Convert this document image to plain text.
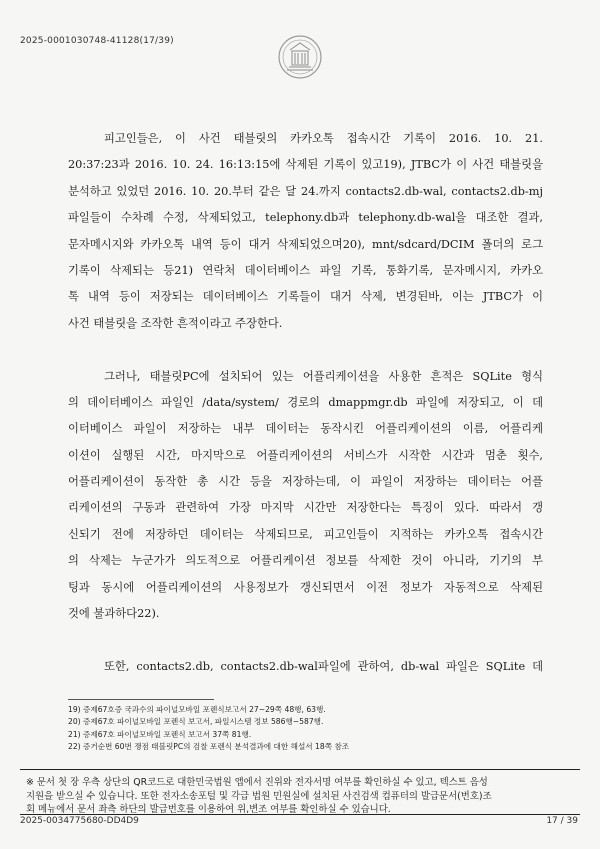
2025-0001030748-41128(17/39)
피고인들은, 이 사건 태블릿의 카카오톡 접속시간 기록이 2016. 10. 21.
20:37:23과 2016. 10. 24. 16:13:15에 삭제된 기록이 있고19), JTBC가 이 사건 태블릿을
분석하고 있었던 2016. 10. 20.부터 같은 달 24.까지 contacts2.db-wal, contacts2.db-mj
파일들이 수차례 수정, 삭제되었고, telephony.db과 telephony.db-wal을 대조한 결과,
문자메시지와 카카오톡 내역 등이 대거 삭제되었으며20), mnt/sdcard/DCIM 폴더의 로그
기록이 삭제되는 등21) 연락처 데이터베이스 파일 기록, 통화기록, 문자메시지, 카카오
톡 내역 등이 저장되는 데이터베이스 기록들이 대거 삭제, 변경된바, 이는 JTBC가 이
사건 태블릿을 조작한 흔적이라고 주장한다.
그러나, 태블릿PC에 설치되어 있는 어플리케이션을 사용한 흔적은 SQLite 형식
의 데이터베이스 파일인 /data/system/ 경로의 dmappmgr.db 파일에 저장되고, 이 데
이터베이스 파일이 저장하는 내부 데이터는 동작시킨 어플리케이션의 이름, 어플리케
이션이 실행된 시간, 마지막으로 어플리케이션의 서비스가 시작한 시간과 멈춘 횟수,
어플리케이션이 동작한 총 시간 등을 저장하는데, 이 파일이 저장하는 데이터는 어플
리케이션의 구동과 관련하여 가장 마지막 시간만 저장한다는 특징이 있다. 따라서 갱
신되기 전에 저장하던 데이터는 삭제되므로, 피고인들이 지적하는 카카오톡 접속시간
의 삭제는 누군가가 의도적으로 어플리케이션 정보를 삭제한 것이 아니라, 기기의 부
팅과 동시에 어플리케이션의 사용정보가 갱신되면서 이전 정보가 자동적으로 삭제된
것에 불과하다22).
또한, contacts2.db, contacts2.db-wal파일에 관하여, db-wal 파일은 SQLite 데
19) 증제67호증 국과수의 파이널모바일 포렌식보고서 27~29쪽 48행, 63행.
20) 증제67호 파이널모바일 포렌식 보고서, 파일시스템 정보 586행~587행.
21) 증제67호 파이널모바일 포렌식 보고서 37쪽 81행.
22) 증거순번 60번 쟁점 태블릿PC의 검찰 포렌식 분석결과에 대한 해설서 18쪽 참조
※ 문서 첫 장 우측 상단의 QR코드로 대한민국법원 앱에서 진위와 전자서명 여부를 확인하실 수 있고, 텍스트 음성
지원을 받으실 수 있습니다. 또한 전자소송포털 및 각급 법원 민원실에 설치된 사건검색 컴퓨터의 발급문서(번호)조
회 메뉴에서 문서 좌측 하단의 발급번호를 이용하여 위,변조 여부를 확인하실 수 있습니다.
2025-0034775680-DD4D9	17 / 39
